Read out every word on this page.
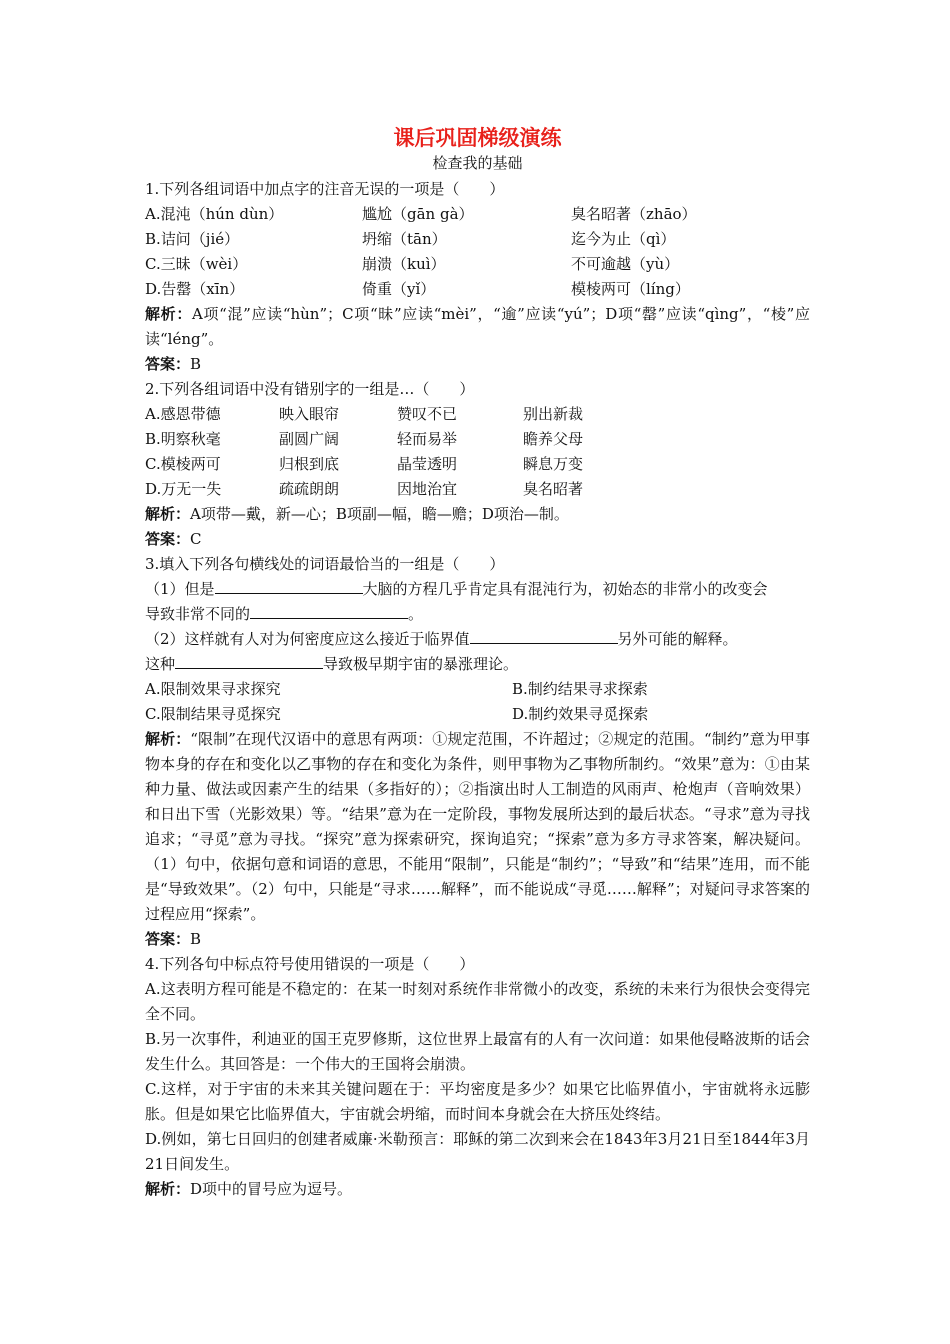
课后巩固梯级演练

检查我的基础

1.下列各组词语中加点字的注音无误的一项是（　　）

A.混沌（hún dùn）	尴尬（gān gà）	臭名昭著（zhāo）
B.诘问（jié）	坍缩（tān）	迄今为止（qì）
C.三昧（wèi）	崩溃（kuì）	不可逾越（yù）
D.告罄（xīn）	倚重（yǐ）	模棱两可（líng）

解析：A项“混”应读“hùn”；C项“昧”应读“mèi”，“逾”应读“yú”；D项“罄”应读“qìng”，“棱”应读“léng”。

答案：B

2.下列各组词语中没有错别字的一组是…（　　）

A.感恩带德	映入眼帘	赞叹不已	别出新裁
B.明察秋毫	副圆广阔	轻而易举	瞻养父母
C.模棱两可	归根到底	晶莹透明	瞬息万变
D.万无一失	疏疏朗朗	因地治宜	臭名昭著

解析：A项带—戴，新—心；B项副—幅，瞻—赡；D项治—制。

答案：C

3.填入下列各句横线处的词语最恰当的一组是（　　）

（1）但是	大脑的方程几乎肯定具有混沌行为，初始态的非常小的改变会

导致非常不同的	。

（2）这样就有人对为何密度应这么接近于临界值	另外可能的解释。

这种	导致极早期宇宙的暴涨理论。

A.限制效果寻求探究	B.制约结果寻求探索
C.限制结果寻觅探究	D.制约效果寻觅探索

解析：“限制”在现代汉语中的意思有两项：①规定范围，不许超过；②规定的范围。“制约”意为甲事物本身的存在和变化以乙事物的存在和变化为条件，则甲事物为乙事物所制约。“效果”意为：①由某种力量、做法或因素产生的结果（多指好的）；②指演出时人工制造的风雨声、枪炮声（音响效果）和日出下雪（光影效果）等。“结果”意为在一定阶段，事物发展所达到的最后状态。“寻求”意为寻找追求；“寻觅”意为寻找。“探究”意为探索研究，探询追究；“探索”意为多方寻求答案，解决疑问。（1）句中，依据句意和词语的意思，不能用“限制”，只能是“制约”；“导致”和“结果”连用，而不能是“导致效果”。（2）句中，只能是“寻求……解释”，而不能说成“寻觅……解释”；对疑问寻求答案的过程应用“探索”。

答案：B

4.下列各句中标点符号使用错误的一项是（　　）

A.这表明方程可能是不稳定的：在某一时刻对系统作非常微小的改变，系统的未来行为很快会变得完全不同。

B.另一次事件，利迪亚的国王克罗修斯，这位世界上最富有的人有一次问道：如果他侵略波斯的话会发生什么。其回答是：一个伟大的王国将会崩溃。

C.这样，对于宇宙的未来其关键问题在于：平均密度是多少？如果它比临界值小，宇宙就将永远膨胀。但是如果它比临界值大，宇宙就会坍缩，而时间本身就会在大挤压处终结。

D.例如，第七日回归的创建者威廉·米勒预言：耶稣的第二次到来会在1843年3月21日至1844年3月21日间发生。

解析：D项中的冒号应为逗号。
